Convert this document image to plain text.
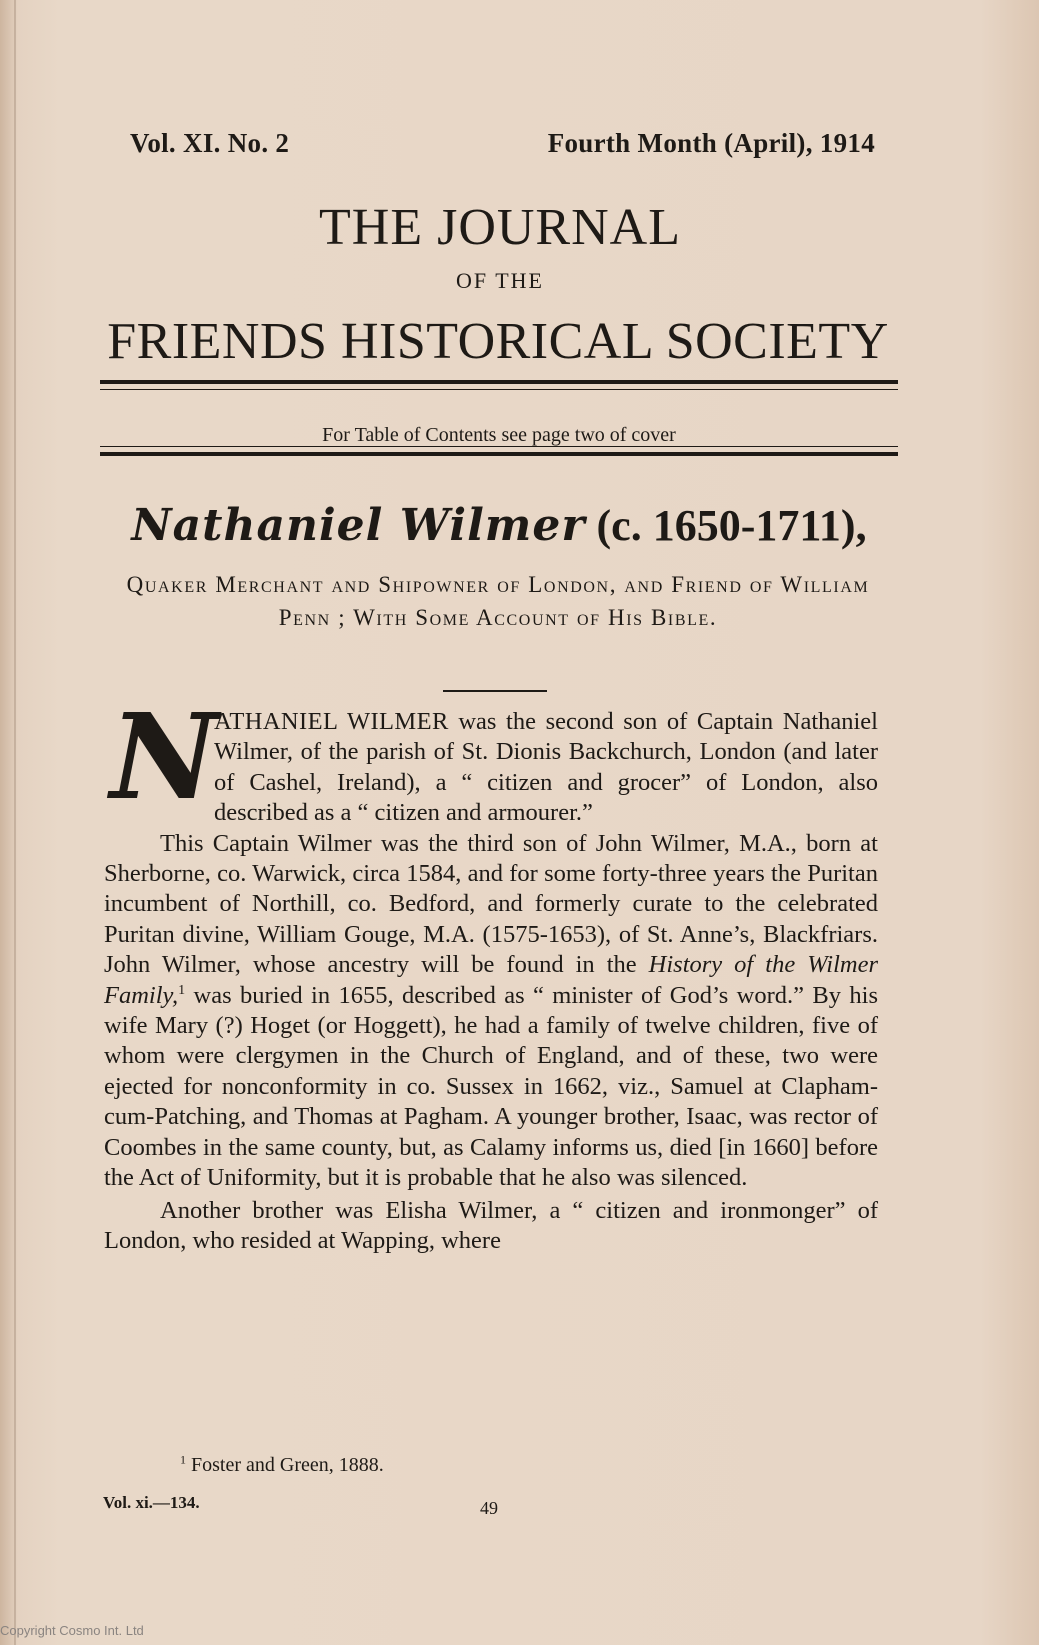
Vol. XI. No. 2	Fourth Month (April), 1914
THE JOURNAL
OF THE
FRIENDS HISTORICAL SOCIETY
For Table of Contents see page two of cover
Nathaniel Wilmer (c. 1650-1711),
Quaker Merchant and Shipowner of London, and Friend of William Penn ; With Some Account of His Bible.

N
ATHANIEL WILMER was the second son of Captain Nathaniel Wilmer, of the parish of St. Dionis Backchurch, London (and later of Cashel, Ireland), a “ citizen and grocer” of London, also described as a “ citizen and armourer.”

This Captain Wilmer was the third son of John Wilmer, M.A., born at Sherborne, co. Warwick, circa 1584, and for some forty-three years the Puritan incumbent of Northill, co. Bedford, and formerly curate to the celebrated Puritan divine, William Gouge, M.A. (1575-1653), of St. Anne’s, Blackfriars. John Wilmer, whose ancestry will be found in the History of the Wilmer Family,$^1$ was buried in 1655, described as “ minister of God’s word.” By his wife Mary (?) Hoget (or Hoggett), he had a family of twelve children, five of whom were clergymen in the Church of England, and of these, two were ejected for nonconformity in co. Sussex in 1662, viz., Samuel at Clapham-cum-Patching, and Thomas at Pagham. A younger brother, Isaac, was rector of Coombes in the same county, but, as Calamy informs us, died [in 1660] before the Act of Uniformity, but it is probable that he also was silenced.

Another brother was Elisha Wilmer, a “ citizen and ironmonger” of London, who resided at Wapping, where

$^1$ Foster and Green, 1888.
Vol. xi.—134.	49
Copyright Cosmo Int. Ltd
